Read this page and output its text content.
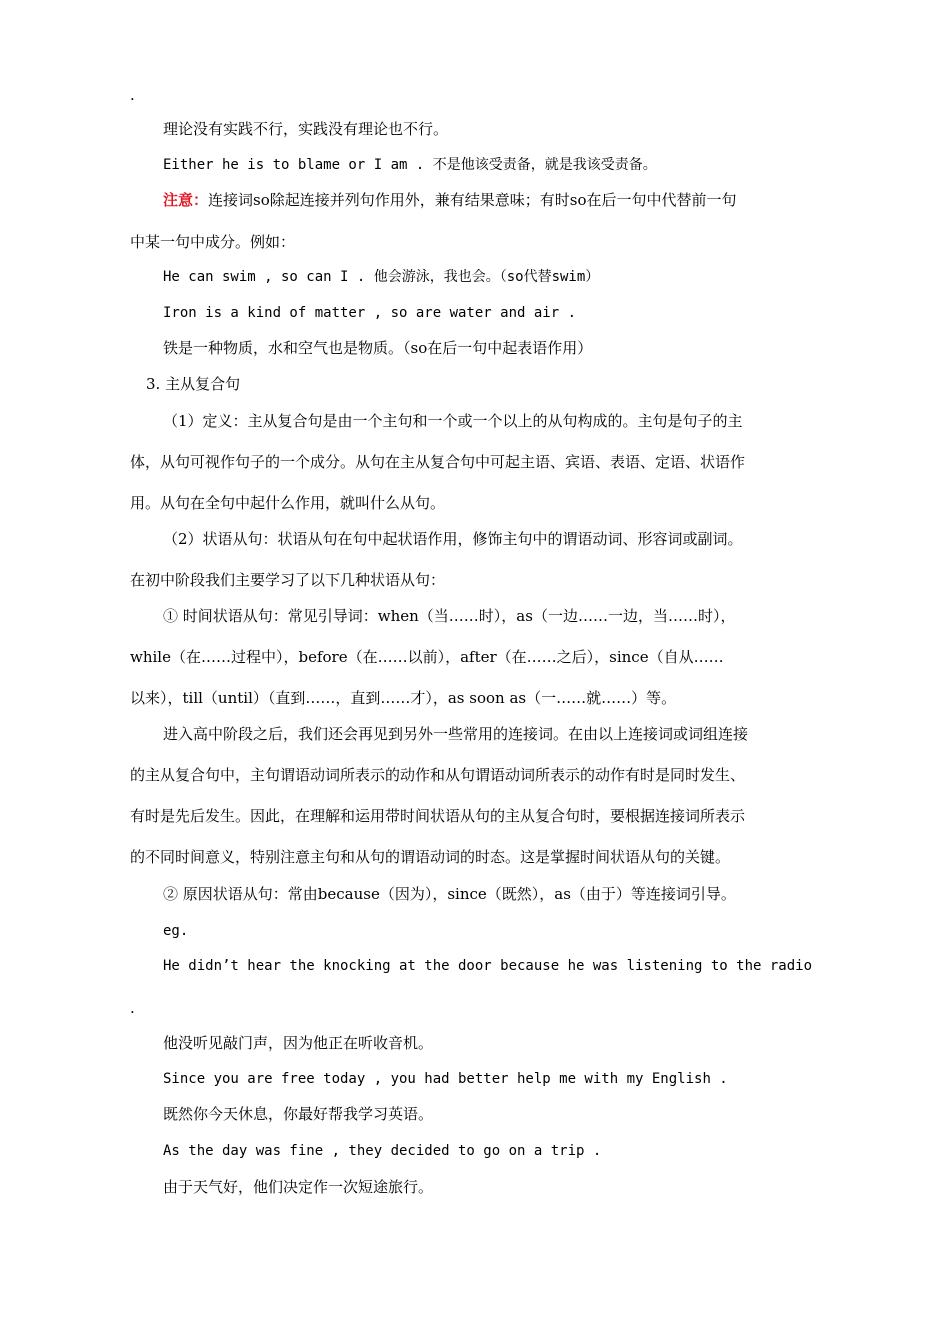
.

理论没有实践不行，实践没有理论也不行。

Either he is to blame or I am . 不是他该受责备，就是我该受责备。

注意：连接词so除起连接并列句作用外，兼有结果意味；有时so在后一句中代替前一句

中某一句中成分。例如：

He can swim , so can I . 他会游泳，我也会。（so代替swim）

Iron is a kind of matter , so are water and air .

铁是一种物质，水和空气也是物质。（so在后一句中起表语作用）

3. 主从复合句

（1）定义：主从复合句是由一个主句和一个或一个以上的从句构成的。主句是句子的主

体，从句可视作句子的一个成分。从句在主从复合句中可起主语、宾语、表语、定语、状语作

用。从句在全句中起什么作用，就叫什么从句。

（2）状语从句：状语从句在句中起状语作用，修饰主句中的谓语动词、形容词或副词。

在初中阶段我们主要学习了以下几种状语从句：

① 时间状语从句：常见引导词：when（当……时），as（一边……一边，当……时），

while（在……过程中），before（在……以前），after（在……之后），since（自从……

以来），till（until）（直到……，直到……才），as soon as（一……就……）等。

进入高中阶段之后，我们还会再见到另外一些常用的连接词。在由以上连接词或词组连接

的主从复合句中，主句谓语动词所表示的动作和从句谓语动词所表示的动作有时是同时发生、

有时是先后发生。因此，在理解和运用带时间状语从句的主从复合句时，要根据连接词所表示

的不同时间意义，特别注意主句和从句的谓语动词的时态。这是掌握时间状语从句的关键。

② 原因状语从句：常由because（因为），since（既然），as（由于）等连接词引导。

eg.

He didn’t hear the knocking at the door because he was listening to the radio

.

他没听见敲门声，因为他正在听收音机。

Since you are free today , you had better help me with my English .

既然你今天休息，你最好帮我学习英语。

As the day was fine , they decided to go on a trip .

由于天气好，他们决定作一次短途旅行。
